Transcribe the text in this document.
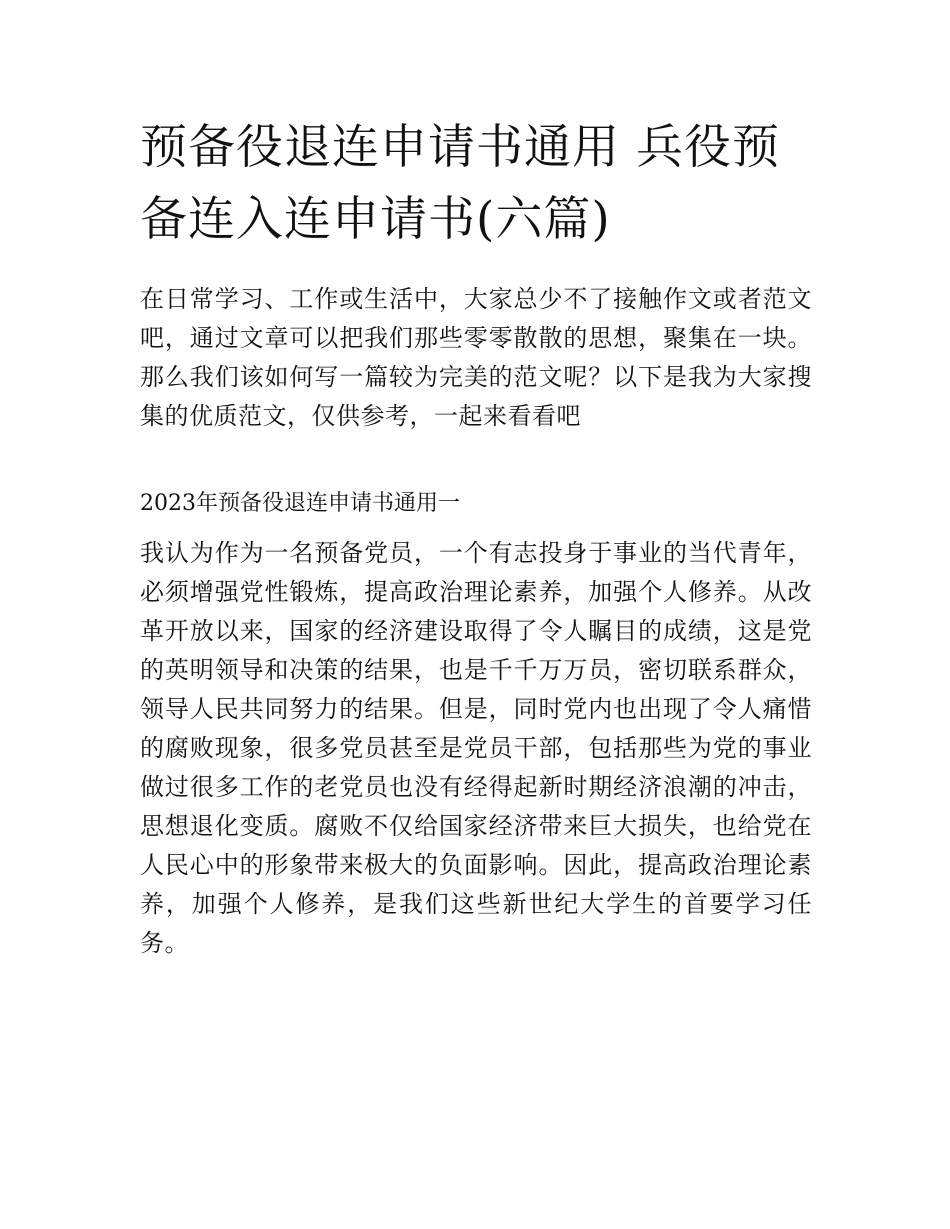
预备役退连申请书通用 兵役预备连入连申请书(六篇)

在日常学习、工作或生活中，大家总少不了接触作文或者范文吧，通过文章可以把我们那些零零散散的思想，聚集在一块。那么我们该如何写一篇较为完美的范文呢？以下是我为大家搜集的优质范文，仅供参考，一起来看看吧

2023年预备役退连申请书通用一

我认为作为一名预备党员，一个有志投身于事业的当代青年，必须增强党性锻炼，提高政治理论素养，加强个人修养。从改革开放以来，国家的经济建设取得了令人瞩目的成绩，这是党的英明领导和决策的结果，也是千千万万员，密切联系群众，领导人民共同努力的结果。但是，同时党内也出现了令人痛惜的腐败现象，很多党员甚至是党员干部，包括那些为党的事业做过很多工作的老党员也没有经得起新时期经济浪潮的冲击，思想退化变质。腐败不仅给国家经济带来巨大损失，也给党在人民心中的形象带来极大的负面影响。因此，提高政治理论素养，加强个人修养，是我们这些新世纪大学生的首要学习任务。
